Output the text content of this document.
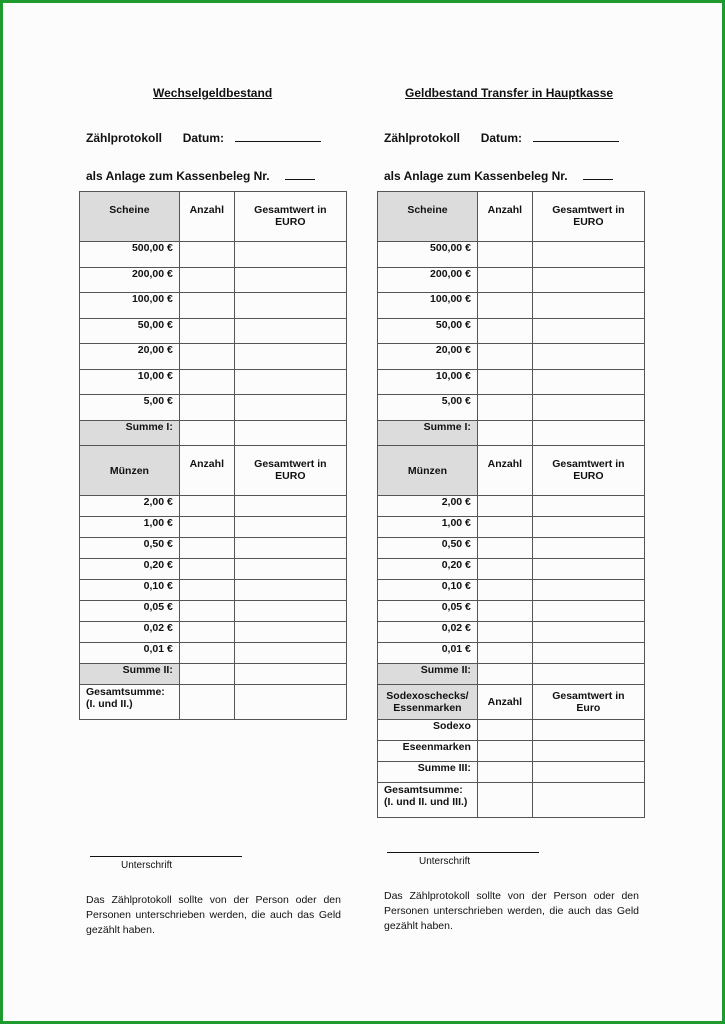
Wechselgeldbestand
Zählprotokoll Datum:
als Anlage zum Kassenbeleg Nr.
Scheine	Anzahl	Gesamtwert in
EURO
500,00 €		
200,00 €		
100,00 €		
50,00 €		
20,00 €		
10,00 €		
5,00 €		
Summe I:		
Münzen	Anzahl	Gesamtwert in
EURO
2,00 €		
1,00 €		
0,50 €		
0,20 €		
0,10 €		
0,05 €		
0,02 €		
0,01 €		
Summe II:		
Gesamtsumme:
(I. und II.)		
Unterschrift
Das Zählprotokoll sollte von der Person oder den Personen unterschrieben werden, die auch das Geld gezählt haben.
Geldbestand Transfer in Hauptkasse
Zählprotokoll Datum:
als Anlage zum Kassenbeleg Nr.
Scheine	Anzahl	Gesamtwert in
EURO
500,00 €		
200,00 €		
100,00 €		
50,00 €		
20,00 €		
10,00 €		
5,00 €		
Summe I:		
Münzen	Anzahl	Gesamtwert in
EURO
2,00 €		
1,00 €		
0,50 €		
0,20 €		
0,10 €		
0,05 €		
0,02 €		
0,01 €		
Summe II:		
Sodexoschecks/
Essenmarken	Anzahl	Gesamtwert in
Euro
Sodexo		
Eseenmarken		
Summe III:		
Gesamtsumme:
(I. und II. und III.)		
Unterschrift
Das Zählprotokoll sollte von der Person oder den Personen unterschrieben werden, die auch das Geld gezählt haben.
